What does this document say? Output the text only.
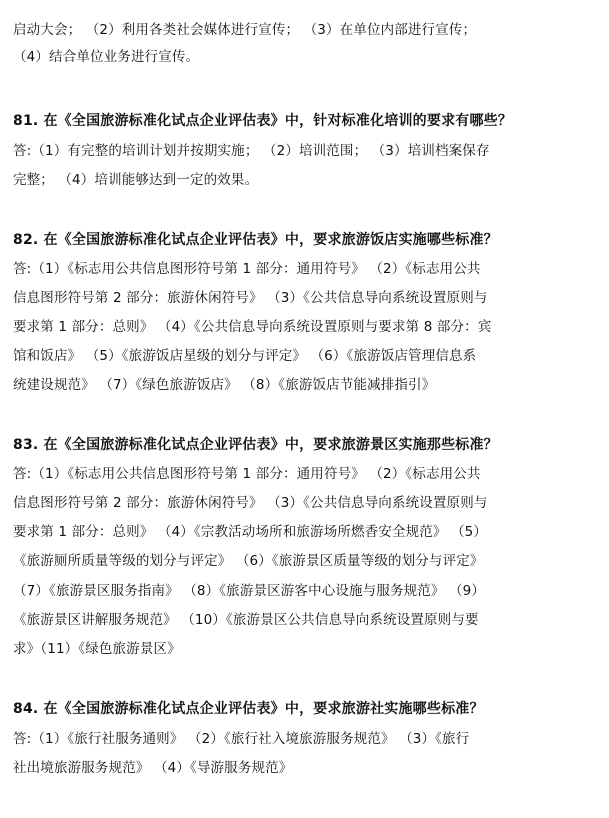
启动大会； （2）利用各类社会媒体进行宣传； （3）在单位内部进行宣传；
（4）结合单位业务进行宣传。
81. 在《全国旅游标准化试点企业评估表》中，针对标准化培训的要求有哪些？
答:（1）有完整的培训计划并按期实施； （2）培训范围； （3）培训档案保存
完整； （4）培训能够达到一定的效果。
82. 在《全国旅游标准化试点企业评估表》中，要求旅游饭店实施哪些标准？
答:（1）《标志用公共信息图形符号第 1 部分：通用符号》 （2）《标志用公共
信息图形符号第 2 部分：旅游休闲符号》 （3）《公共信息导向系统设置原则与
要求第 1 部分：总则》 （4）《公共信息导向系统设置原则与要求第 8 部分：宾
馆和饭店》 （5）《旅游饭店星级的划分与评定》 （6）《旅游饭店管理信息系
统建设规范》 （7）《绿色旅游饭店》 （8）《旅游饭店节能减排指引》
83. 在《全国旅游标准化试点企业评估表》中，要求旅游景区实施那些标准？
答:（1）《标志用公共信息图形符号第 1 部分：通用符号》 （2）《标志用公共
信息图形符号第 2 部分：旅游休闲符号》 （3）《公共信息导向系统设置原则与
要求第 1 部分：总则》 （4）《宗教活动场所和旅游场所燃香安全规范》 （5）
《旅游厕所质量等级的划分与评定》 （6）《旅游景区质量等级的划分与评定》
（7）《旅游景区服务指南》 （8）《旅游景区游客中心设施与服务规范》 （9）
《旅游景区讲解服务规范》 （10）《旅游景区公共信息导向系统设置原则与要
求》（11）《绿色旅游景区》
84. 在《全国旅游标准化试点企业评估表》中，要求旅游社实施哪些标准？
答:（1）《旅行社服务通则》 （2）《旅行社入境旅游服务规范》 （3）《旅行
社出境旅游服务规范》 （4）《导游服务规范》
